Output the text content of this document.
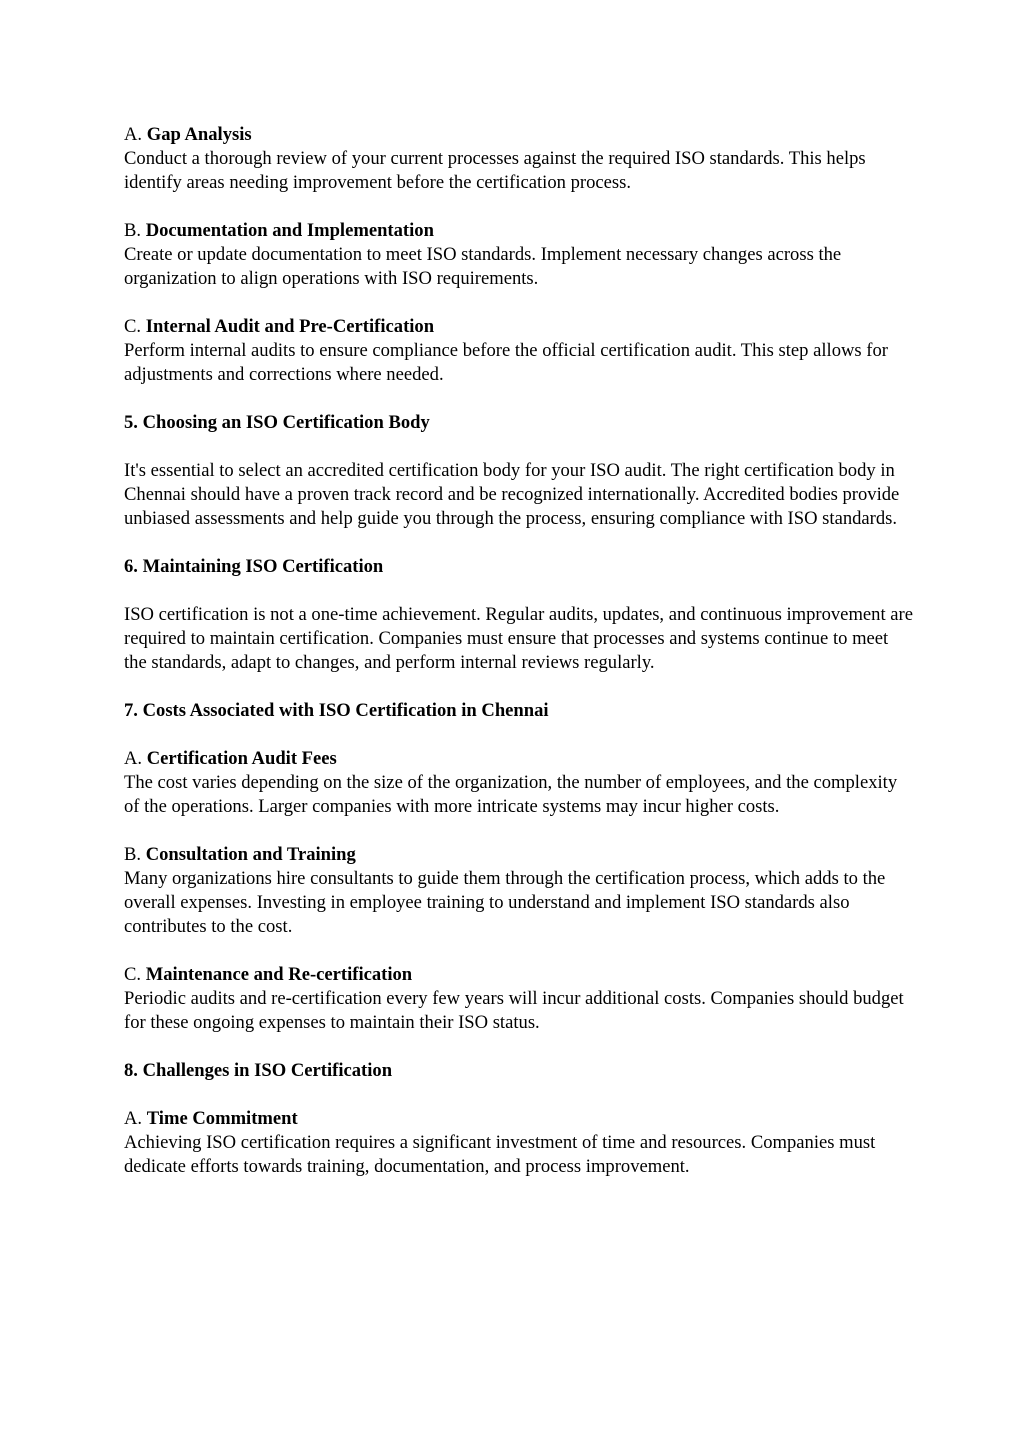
A. Gap Analysis

Conduct a thorough review of your current processes against the required ISO standards. This helps identify areas needing improvement before the certification process.

B. Documentation and Implementation

Create or update documentation to meet ISO standards. Implement necessary changes across the organization to align operations with ISO requirements.

C. Internal Audit and Pre-Certification

Perform internal audits to ensure compliance before the official certification audit. This step allows for adjustments and corrections where needed.

5. Choosing an ISO Certification Body

It's essential to select an accredited certification body for your ISO audit. The right certification body in Chennai should have a proven track record and be recognized internationally. Accredited bodies provide unbiased assessments and help guide you through the process, ensuring compliance with ISO standards.

6. Maintaining ISO Certification

ISO certification is not a one-time achievement. Regular audits, updates, and continuous improvement are required to maintain certification. Companies must ensure that processes and systems continue to meet the standards, adapt to changes, and perform internal reviews regularly.

7. Costs Associated with ISO Certification in Chennai

A. Certification Audit Fees

The cost varies depending on the size of the organization, the number of employees, and the complexity of the operations. Larger companies with more intricate systems may incur higher costs.

B. Consultation and Training

Many organizations hire consultants to guide them through the certification process, which adds to the overall expenses. Investing in employee training to understand and implement ISO standards also contributes to the cost.

C. Maintenance and Re-certification

Periodic audits and re-certification every few years will incur additional costs. Companies should budget for these ongoing expenses to maintain their ISO status.

8. Challenges in ISO Certification

A. Time Commitment

Achieving ISO certification requires a significant investment of time and resources. Companies must dedicate efforts towards training, documentation, and process improvement.
